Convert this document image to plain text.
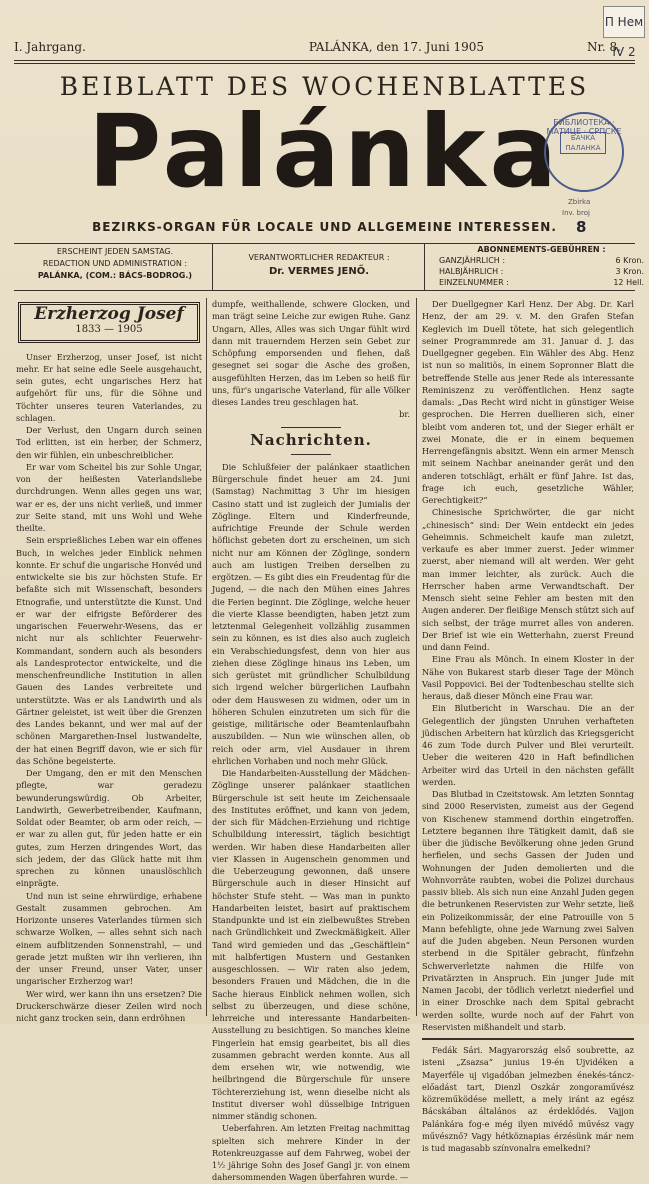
П Нем IV 2
I. Jahrgang.	PALÁNKA, den 17. Juni 1905	Nr. 8.
BEIBLATT DES WOCHENBLATTES
Palánka
БИБЛИОТЕКА · МАТИЦЕ · СРПСКЕ
БАЧКА ПАЛАНКА
Zbirka
Inv. broj
8
BEZIRKS-ORGAN FÜR LOCALE UND ALLGEMEINE INTERESSEN.
ERSCHEINT JEDEN SAMSTAG.
REDACTION UND ADMINISTRATION :
PALÁNKA, (COM.: BÁCS-BODROG.)
VERANTWORTLICHER REDAKTEUR :
Dr. VERMES JENŐ.
ABONNEMENTS-GEBÜHREN :
GANZJÄHRLICH :	6 Kron.
HALBJÄHRLICH :	3 Kron.
EINZELNUMMER :	12 Hell.
Erzherzog Josef
1833 — 1905

Unser Erzherzog, unser Josef, ist nicht mehr. Er hat seine edle Seele ausgehaucht, sein gutes, echt ungarisches Herz hat aufgehört für uns, für die Söhne und Töchter unseres teuren Vaterlandes, zu schlagen.

Der Verlust, den Ungarn durch seinen Tod erlitten, ist ein herber, der Schmerz, den wir fühlen, ein unbeschreiblicher.

Er war vom Scheitel bis zur Sohle Ungar, von der heißesten Vaterlandsliebe durchdrungen. Wenn alles gegen uns war, war er es, der uns nicht verließ, und immer zur Seite stand, mit uns Wohl und Wehe theilte.

Sein ersprießliches Leben war ein offenes Buch, in welches jeder Einblick nehmen konnte. Er schuf die ungarische Honvéd und entwickelte sie bis zur höchsten Stufe. Er befaßte sich mit Wissenschaft, besonders Etnografie, und unterstützte die Kunst. Und er war der eifrigste Beförderer des ungarischen Feuerwehr-Wesens, das er nicht nur als schlichter Feuerwehr-Kommandant, sondern auch als besonders als Landesprotector entwickelte, und die menschenfreundliche Institution in allen Gauen des Landes verbreitete und unterstützte. Was er als Landwirth und als Gärtner geleistet, ist weit über die Grenzen des Landes bekannt, und wer mal auf der schönen Margarethen-Insel lustwandelte, der hat einen Begriff davon, wie er sich für das Schöne begeisterte.

Der Umgang, den er mit den Menschen pflegte, war geradezu bewunderungswürdig. Ob Arbeiter, Landwirth, Gewerbetreibender, Kaufmann, Soldat oder Beamter, ob arm oder reich, — er war zu allen gut, für jeden hatte er ein gutes, zum Herzen dringendes Wort, das sich jedem, der das Glück hatte mit ihm sprechen zu können unauslöschlich einprägte.

Und nun ist seine ehrwürdige, erhabene Gestalt zusammen gebrochen. Am Horizonte unseres Vaterlandes türmen sich schwarze Wolken, — alles sehnt sich nach einem aufblitzenden Sonnenstrahl, — und gerade jetzt mußten wir ihn verlieren, ihn der unser Freund, unser Vater, unser ungarischer Erzherzog war!

Wer wird, wer kann ihn uns ersetzen? Die Druckerschwärze dieser Zeilen wird noch nicht ganz trocken sein, dann erdröhnen

dumpfe, weithallende, schwere Glocken, und man trägt seine Leiche zur ewigen Ruhe. Ganz Ungarn, Alles, Alles was sich Ungar fühlt wird dann mit trauerndem Herzen sein Gebet zur Schöpfung emporsenden und flehen, daß gesegnet sei sogar die Asche des großen, ausgefühlten Herzen, das im Leben so heiß für uns, für's ungarische Vaterland, für alle Völker dieses Landes treu geschlagen hat.

br.
Nachrichten.

Die Schlußfeier der palánkaer staatlichen Bürgerschule findet heuer am 24. Juni (Samstag) Nachmittag 3 Uhr im hiesigen Casino statt und ist zugleich der Jumialis der Zöglinge. Eltern und Kinderfreunde, aufrichtige Freunde der Schule werden höflichst gebeten dort zu erscheinen, um sich nicht nur am Können der Zöglinge, sondern auch am lustigen Treiben derselben zu ergötzen. — Es gibt dies ein Freudentag für die Jugend, — die nach den Mühen eines Jahres die Ferien beginnt. Die Zöglinge, welche heuer die vierte Klasse beendigten, haben jetzt zum letztenmal Gelegenheit vollzählig zusammen sein zu können, es ist dies also auch zugleich ein Verabschiedungsfest, denn von hier aus ziehen diese Zöglinge hinaus ins Leben, um sich gerüstet mit gründlicher Schulbildung sich irgend welcher bürgerlichen Laufbahn oder dem Hauswesen zu widmen, oder um in höheren Schulen einzutreten um sich für die geistige, militärische oder Beamtenlaufbahn auszubilden. — Nun wie wünschen allen, ob reich oder arm, viel Ausdauer in ihrem ehrlichen Vorhaben und noch mehr Glück.

Die Handarbeiten-Ausstellung der Mädchen-Zöglinge unserer palánkaer staatlichen Bürgerschule ist seit heute im Zeichensaale des Institutes eröffnet, und kann von jedem, der sich für Mädchen-Erziehung und richtige Schulbildung interessirt, täglich besichtigt werden. Wir haben diese Handarbeiten aller vier Klassen in Augenschein genommen und die Ueberzeugung gewonnen, daß unsere Bürgerschule auch in dieser Hinsicht auf höchster Stufe steht. — Was man in punkto Handarbeiten leistet, basirt auf praktischem Standpunkte und ist ein zielbewußtes Streben nach Gründlichkeit und Zweckmäßigkeit. Aller Tand wird gemieden und das „Geschäftlein“ mit halbfertigen Mustern und Gestanken ausgeschlossen. — Wir raten also jedem, besonders Frauen und Mädchen, die in die Sache hieraus Einblick nehmen wollen, sich selbst zu überzeugen, und diese schöne, lehrreiche und interessante Handarbeiten-Ausstellung zu besichtigen. So manches kleine Fingerlein hat emsig gearbeitet, bis all dies zusammen gebracht werden konnte. Aus all dem ersehen wir, wie notwendig, wie heilbringend die Bürgerschule für unsere Töchtererziehung ist, wenn dieselbe nicht als Institut diverser wohl düsselbige Intriguen nimmer ständig schonen.

Ueberfahren. Am letzten Freitag nachmittag spielten sich mehrere Kinder in der Rotenkreuzgasse auf dem Fahrweg, wobei der 1½ jährige Sohn des Josef Gangl jr. von einem dahersommenden Wagen überfahren wurde. —

Der Duellgegner Karl Henz. Der Abg. Dr. Karl Henz, der am 29. v. M. den Grafen Stefan Keglevich im Duell tötete, hat sich gelegentlich seiner Programmrede am 31. Januar d. J. das Duellgegner gegeben. Ein Wähler des Abg. Henz ist nun so malitiös, in einem Sopronner Blatt die betreffende Stelle aus jener Rede als interessante Reminiszenz zu veröffentlichen. Henz sagte damals: „Das Recht wird nicht in günstiger Weise gesprochen. Die Herren duellieren sich, einer bleibt vom anderen tot, und der Sieger erhält er zwei Monate, die er in einem bequemen Herrengefängnis absitzt. Wenn ein armer Mensch mit seinem Nachbar aneinander gerät und den anderen totschlägt, erhält er fünf Jahre. Ist das, frage ich euch, gesetzliche Wähler, Gerechtigkeit?“

Chinesische Sprichwörter, die gar nicht „chinesisch“ sind: Der Wein entdeckt ein jedes Geheimnis. Schmeichelt kaufe man zuletzt, verkaufe es aber immer zuerst. Jeder wimmer zuerst, aber niemand will alt werden. Wer geht man immer leichter, als zurück. Auch die Herrscher haben arme Verwandtschaft. Der Mensch sieht seine Fehler am besten mit den Augen anderer. Der fleißige Mensch stützt sich auf sich selbst, der träge murret alles von anderen. Der Brief ist wie ein Wetterhahn, zuerst Freund und dann Feind.

Eine Frau als Mönch. In einem Kloster in der Nähe von Bukarest starb dieser Tage der Mönch Vasil Poppovici. Bei der Todtenbeschau stellte sich heraus, daß dieser Mönch eine Frau war.

Ein Blutbericht in Warschau. Die an der Gelegentlich der jüngsten Unruhen verhafteten jüdischen Arbeitern hat kürzlich das Kriegsgericht 46 zum Tode durch Pulver und Blei verurteilt. Ueber die weiteren 420 in Haft befindlichen Arbeiter wird das Urteil in den nächsten gefällt werden.

Das Blutbad in Czeitstowsk. Am letzten Sonntag sind 2000 Reservisten, zumeist aus der Gegend von Kischenew stammend dorthin eingetroffen. Letztere begannen ihre Tätigkeit damit, daß sie über die jüdische Bevölkerung ohne jeden Grund herfielen, und sechs Gassen der Juden und Wohnungen der Juden demolierten und die Wohnvorräte raubten, wobei die Polizei durchaus passiv blieb. Als sich nun eine Anzahl Juden gegen die betrunkenen Reservisten zur Wehr setzte, ließ ein Polizeikommissär, der eine Patrouille von 5 Mann befehligte, ohne jede Warnung zwei Salven auf die Juden abgeben. Neun Personen wurden sterbend in die Spitäler gebracht, fünfzehn Schwerverletzte nahmen die Hilfe von Privatärzten in Anspruch. Ein junger Jude mit Namen Jacobi, der tödlich verletzt niederfiel und in einer Droschke nach dem Spital gebracht werden sollte, wurde noch auf der Fahrt von Reservisten mißhandelt und starb.

Fedák Sári. Magyarország első soubrette, az isteni „Zsazsa“ junius 19-én Ujvidéken a Mayerféle uj vigadóban jelmezben énekés-táncz-előadást tart, Dienzl Oszkár zongoraművész közreműködése mellett, a mely iránt az egész Bácskában általános az érdeklődés. Vajjon Palánkára fog-e még ilyen mivédő művész vagy művésznő? Vagy hétköznapias érzésünk már nem is tud magasabb színvonalra emelkedni?
